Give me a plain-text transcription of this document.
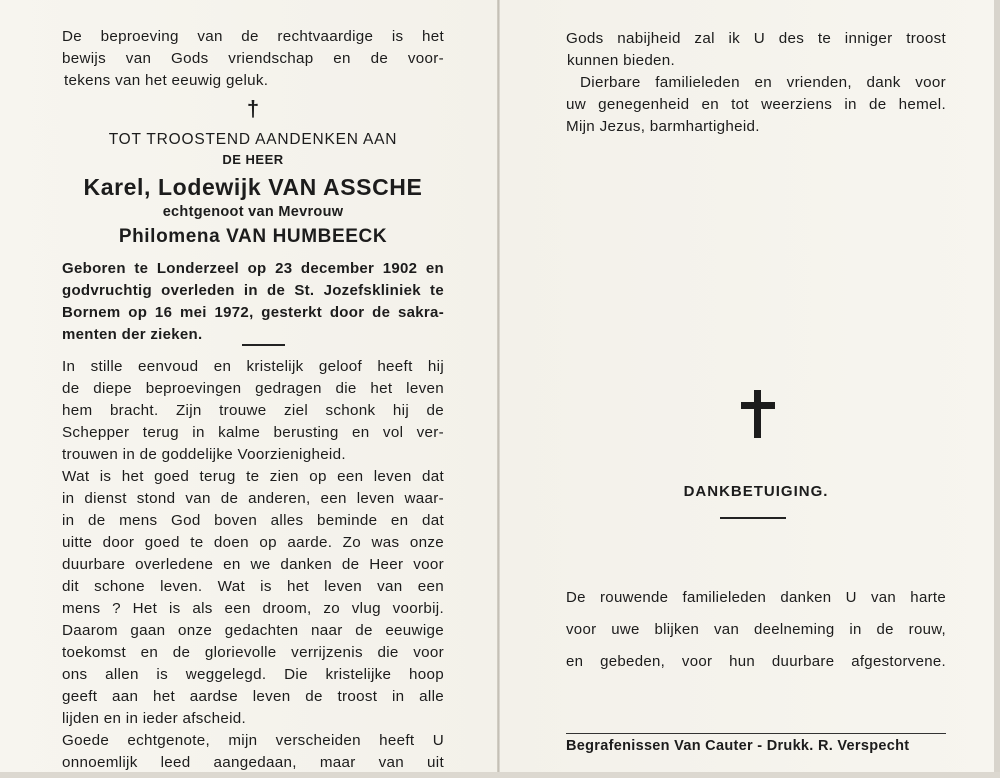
De beproeving van de rechtvaardige is het

bewijs van Gods vriendschap en de voor-

tekens van het eeuwig geluk.

†
TOT TROOSTEND AANDENKEN AAN
DE HEER
Karel, Lodewijk VAN ASSCHE
echtgenoot van Mevrouw
Philomena VAN HUMBEECK

Geboren te Londerzeel op 23 december 1902 en

godvruchtig overleden in de St. Jozefskliniek te

Bornem op 16 mei 1972, gesterkt door de sakra-

menten der zieken.

In stille eenvoud en kristelijk geloof heeft hij

de diepe beproevingen gedragen die het leven

hem bracht. Zijn trouwe ziel schonk hij de

Schepper terug in kalme berusting en vol ver-

trouwen in de goddelijke Voorzienigheid.

Wat is het goed terug te zien op een leven dat

in dienst stond van de anderen, een leven waar-

in de mens God boven alles beminde en dat

uitte door goed te doen op aarde. Zo was onze

duurbare overledene en we danken de Heer voor

dit schone leven. Wat is het leven van een

mens ? Het is als een droom, zo vlug voorbij.

Daarom gaan onze gedachten naar de eeuwige

toekomst en de glorievolle verrijzenis die voor

ons allen is weggelegd. Die kristelijke hoop

geeft aan het aardse leven de troost in alle

lijden en in ieder afscheid.

Goede echtgenote, mijn verscheiden heeft U

onnoemlijk leed aangedaan, maar van uit

Gods nabijheid zal ik U des te inniger troost

kunnen bieden.

Dierbare familieleden en vrienden, dank voor

uw genegenheid en tot weerziens in de hemel.

Mijn Jezus, barmhartigheid.

DANKBETUIGING.

De rouwende familieleden danken U van harte

voor uwe blijken van deelneming in de rouw,

en gebeden, voor hun duurbare afgestorvene.

Begrafenissen Van Cauter - Drukk. R. Verspecht
